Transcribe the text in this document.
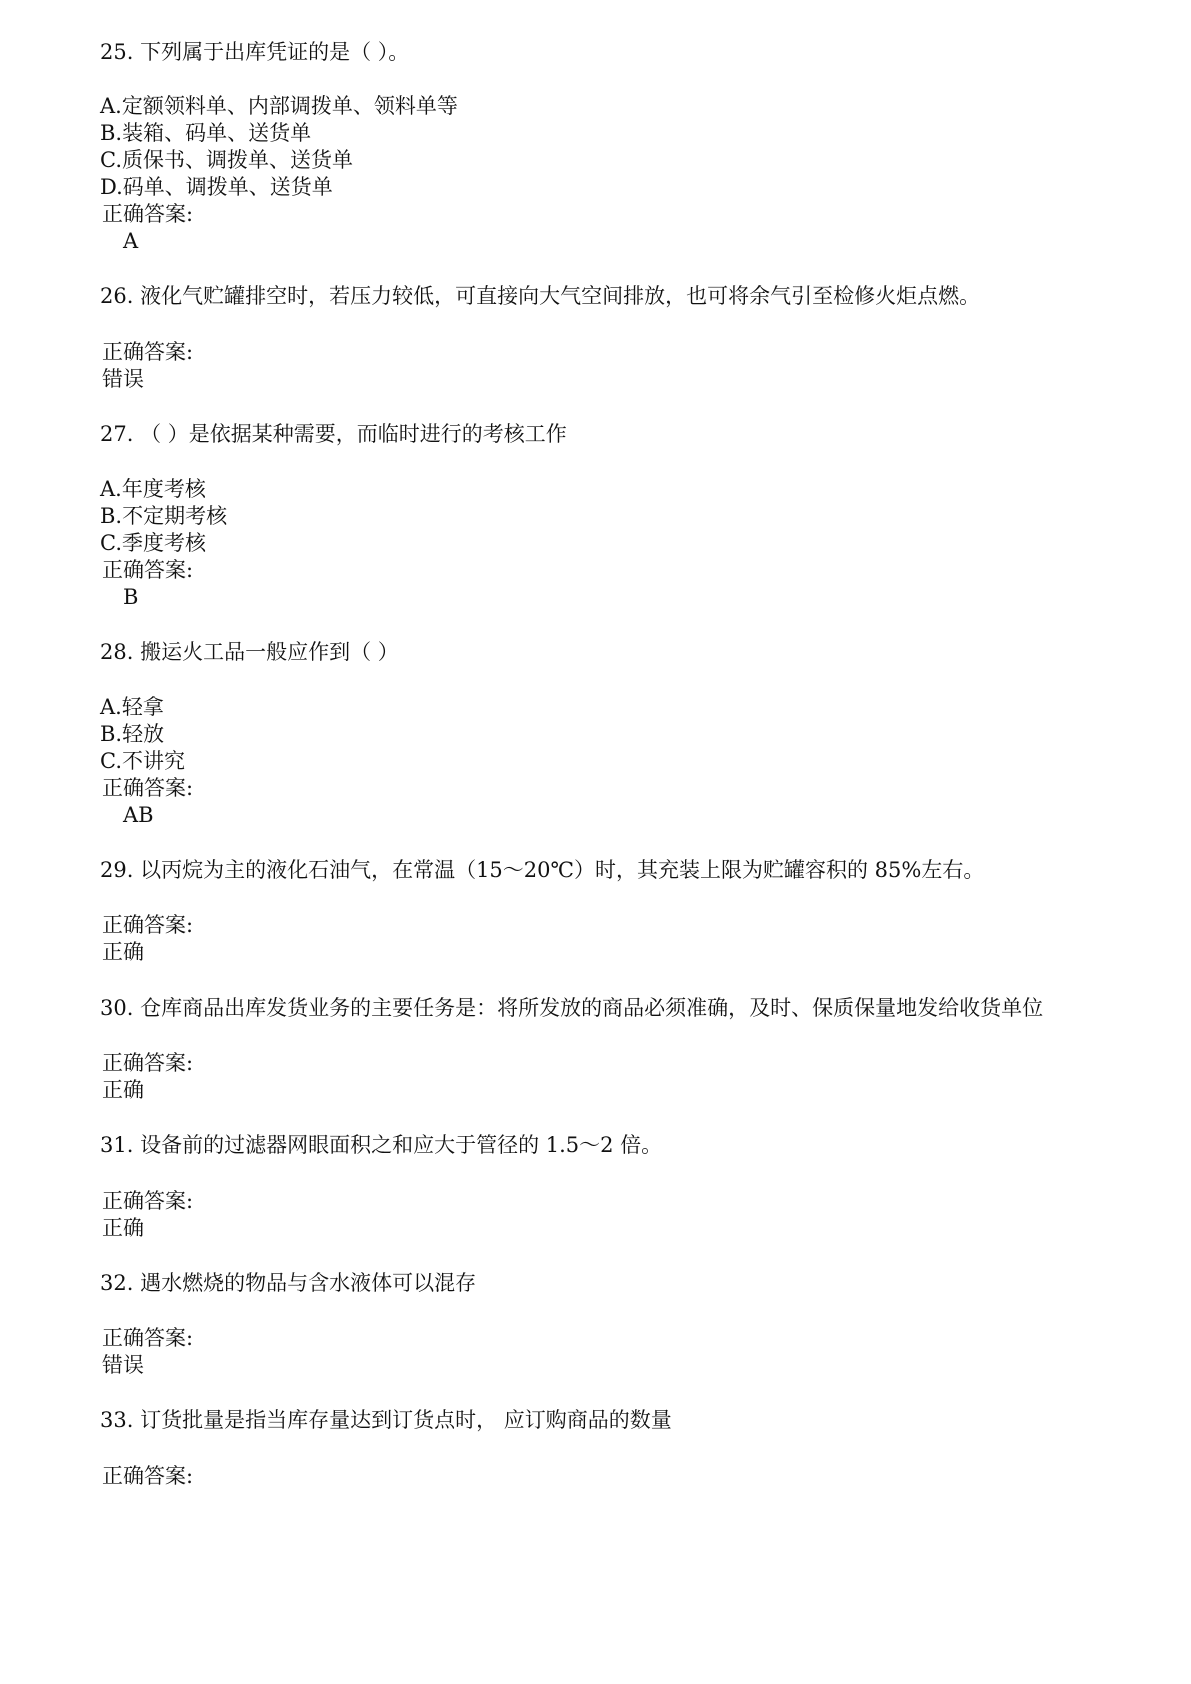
25. 下列属于出库凭证的是（ ）。
A.定额领料单、内部调拨单、领料单等
B.装箱、码单、送货单
C.质保书、调拨单、送货单
D.码单、调拨单、送货单
正确答案:
A
26. 液化气贮罐排空时，若压力较低，可直接向大气空间排放，也可将余气引至检修火炬点燃。
正确答案:
错误
27. （ ）是依据某种需要，而临时进行的考核工作
A.年度考核
B.不定期考核
C.季度考核
正确答案:
B
28. 搬运火工品一般应作到（ ）
A.轻拿
B.轻放
C.不讲究
正确答案:
AB
29. 以丙烷为主的液化石油气，在常温（15～20℃）时，其充装上限为贮罐容积的 85%左右。
正确答案:
正确
30. 仓库商品出库发货业务的主要任务是：将所发放的商品必须准确，及时、保质保量地发给收货单位
正确答案:
正确
31. 设备前的过滤器网眼面积之和应大于管径的 1.5～2 倍。
正确答案:
正确
32. 遇水燃烧的物品与含水液体可以混存
正确答案:
错误
33. 订货批量是指当库存量达到订货点时， 应订购商品的数量
正确答案:
